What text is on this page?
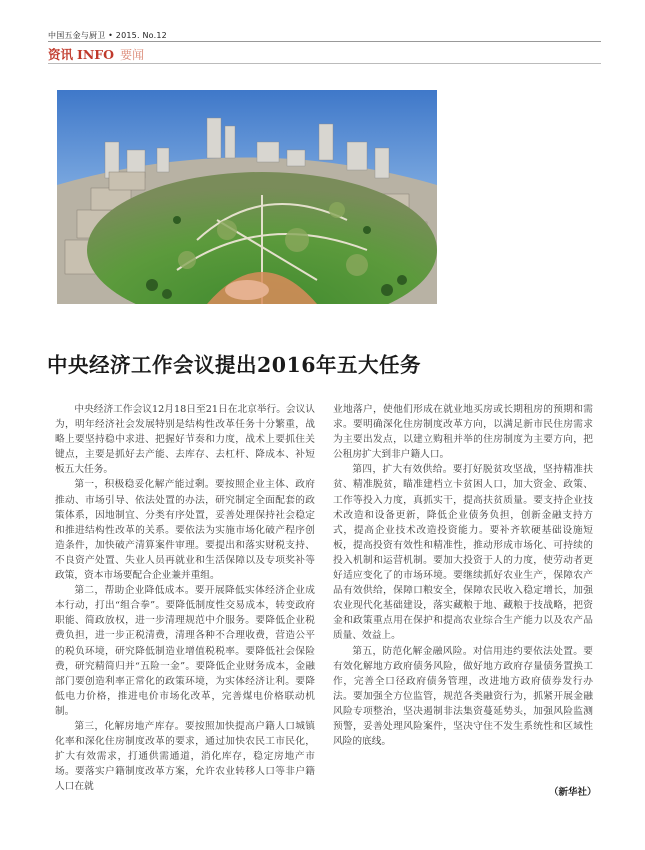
中国五金与厨卫 • 2015. No.12
资讯 INFO 要闻
中央经济工作会议提出2016年五大任务

中央经济工作会议12月18日至21日在北京举行。会议认为，明年经济社会发展特别是结构性改革任务十分繁重，战略上要坚持稳中求进、把握好节奏和力度，战术上要抓住关键点，主要是抓好去产能、去库存、去杠杆、降成本、补短板五大任务。

第一，积极稳妥化解产能过剩。要按照企业主体、政府推动、市场引导、依法处置的办法，研究制定全面配套的政策体系，因地制宜、分类有序处置，妥善处理保持社会稳定和推进结构性改革的关系。要依法为实施市场化破产程序创造条件，加快破产清算案件审理。要提出和落实财税支持、不良资产处置、失业人员再就业和生活保障以及专项奖补等政策，资本市场要配合企业兼并重组。

第二，帮助企业降低成本。要开展降低实体经济企业成本行动，打出“组合拳”。要降低制度性交易成本，转变政府职能、简政放权，进一步清理规范中介服务。要降低企业税费负担，进一步正税清费，清理各种不合理收费，营造公平的税负环境，研究降低制造业增值税税率。要降低社会保险费，研究精简归并“五险一金”。要降低企业财务成本，金融部门要创造利率正常化的政策环境，为实体经济让利。要降低电力价格，推进电价市场化改革，完善煤电价格联动机制。

第三，化解房地产库存。要按照加快提高户籍人口城镇化率和深化住房制度改革的要求，通过加快农民工市民化，扩大有效需求，打通供需通道，消化库存，稳定房地产市场。要落实户籍制度改革方案，允许农业转移人口等非户籍人口在就

业地落户，使他们形成在就业地买房或长期租房的预期和需求。要明确深化住房制度改革方向，以满足新市民住房需求为主要出发点，以建立购租并举的住房制度为主要方向，把公租房扩大到非户籍人口。

第四，扩大有效供给。要打好脱贫攻坚战，坚持精准扶贫、精准脱贫，瞄准建档立卡贫困人口，加大资金、政策、工作等投入力度，真抓实干，提高扶贫质量。要支持企业技术改造和设备更新，降低企业债务负担，创新金融支持方式，提高企业技术改造投资能力。要补齐软硬基础设施短板，提高投资有效性和精准性，推动形成市场化、可持续的投入机制和运营机制。要加大投资于人的力度，使劳动者更好适应变化了的市场环境。要继续抓好农业生产，保障农产品有效供给，保障口粮安全，保障农民收入稳定增长，加强农业现代化基础建设，落实藏粮于地、藏粮于技战略，把资金和政策重点用在保护和提高农业综合生产能力以及农产品质量、效益上。

第五，防范化解金融风险。对信用违约要依法处置。要有效化解地方政府债务风险，做好地方政府存量债务置换工作，完善全口径政府债务管理，改进地方政府债券发行办法。要加强全方位监管，规范各类融资行为，抓紧开展金融风险专项整治，坚决遏制非法集资蔓延势头，加强风险监测预警，妥善处理风险案件，坚决守住不发生系统性和区域性风险的底线。

（新华社）
